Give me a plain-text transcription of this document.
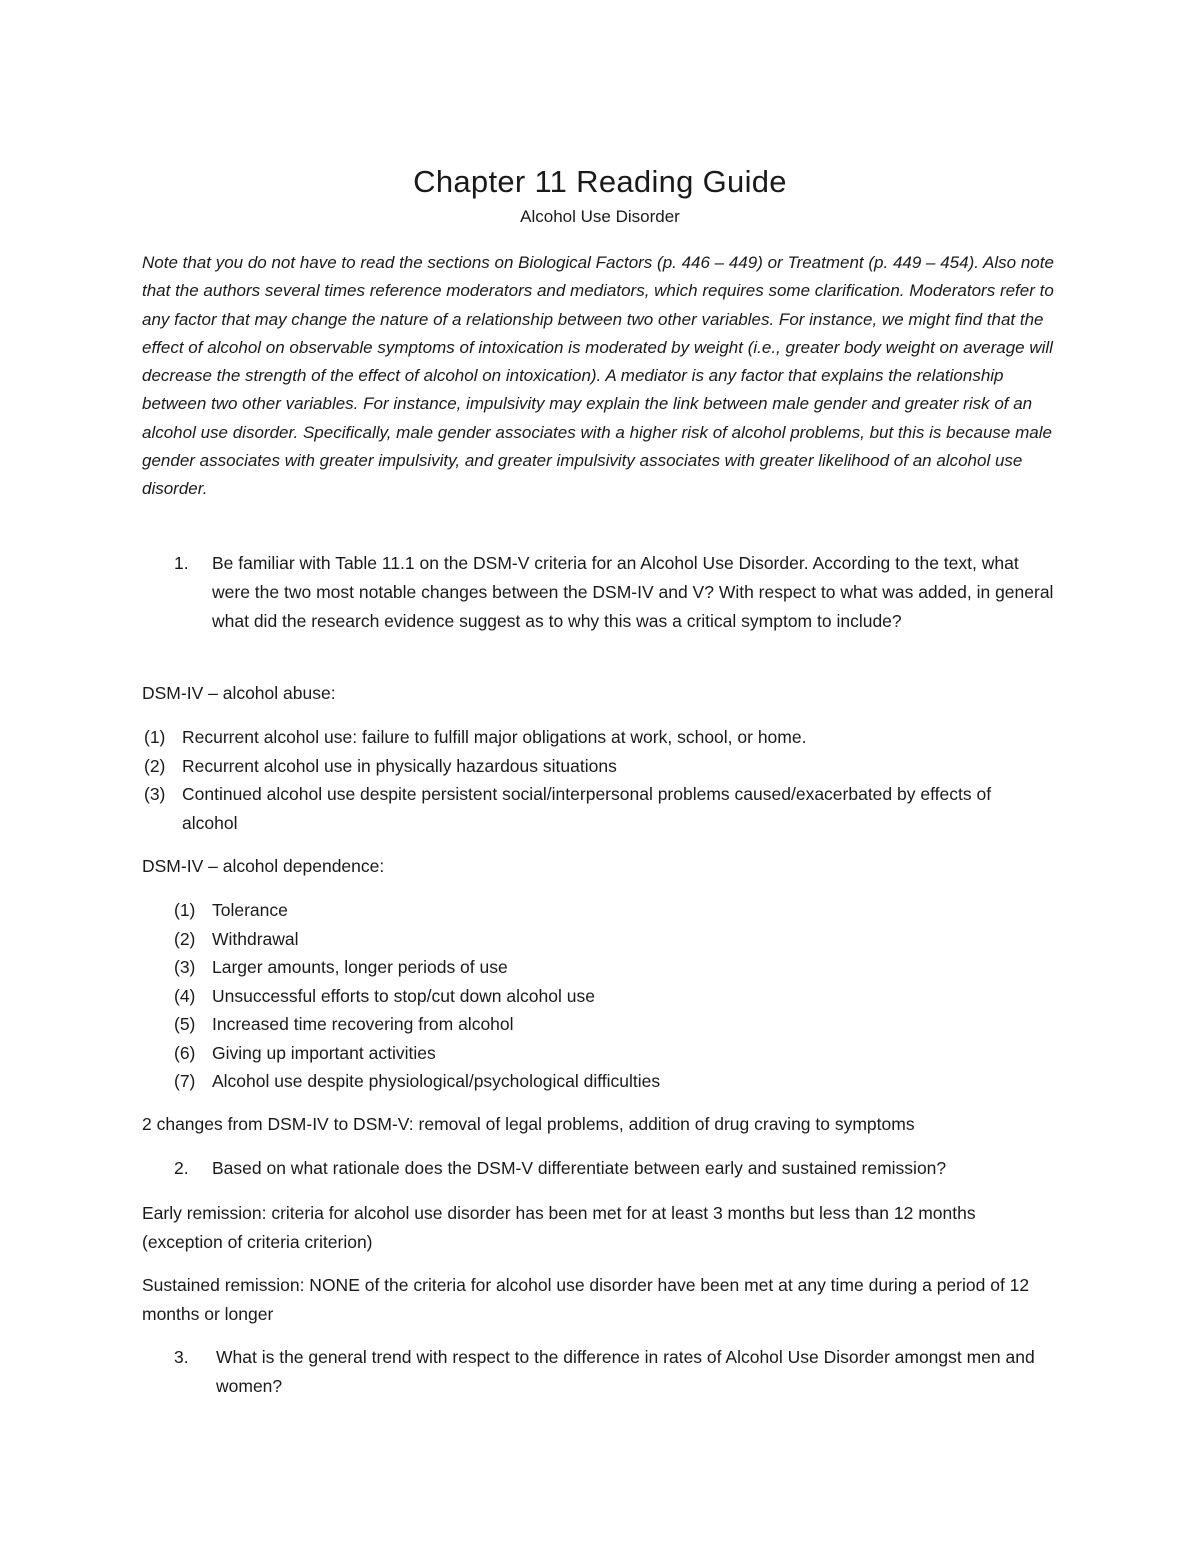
Chapter 11 Reading Guide
Alcohol Use Disorder
Note that you do not have to read the sections on Biological Factors (p. 446 – 449) or Treatment (p. 449 – 454). Also note that the authors several times reference moderators and mediators, which requires some clarification. Moderators refer to any factor that may change the nature of a relationship between two other variables. For instance, we might find that the effect of alcohol on observable symptoms of intoxication is moderated by weight (i.e., greater body weight on average will decrease the strength of the effect of alcohol on intoxication). A mediator is any factor that explains the relationship between two other variables. For instance, impulsivity may explain the link between male gender and greater risk of an alcohol use disorder. Specifically, male gender associates with a higher risk of alcohol problems, but this is because male gender associates with greater impulsivity, and greater impulsivity associates with greater likelihood of an alcohol use disorder.
1. Be familiar with Table 11.1 on the DSM-V criteria for an Alcohol Use Disorder. According to the text, what were the two most notable changes between the DSM-IV and V? With respect to what was added, in general what did the research evidence suggest as to why this was a critical symptom to include?
DSM-IV – alcohol abuse:
(1) Recurrent alcohol use: failure to fulfill major obligations at work, school, or home.
(2) Recurrent alcohol use in physically hazardous situations
(3) Continued alcohol use despite persistent social/interpersonal problems caused/exacerbated by effects of alcohol
DSM-IV – alcohol dependence:
(1) Tolerance
(2) Withdrawal
(3) Larger amounts, longer periods of use
(4) Unsuccessful efforts to stop/cut down alcohol use
(5) Increased time recovering from alcohol
(6) Giving up important activities
(7) Alcohol use despite physiological/psychological difficulties
2 changes from DSM-IV to DSM-V: removal of legal problems, addition of drug craving to symptoms
2. Based on what rationale does the DSM-V differentiate between early and sustained remission?
Early remission: criteria for alcohol use disorder has been met for at least 3 months but less than 12 months (exception of criteria criterion)
Sustained remission: NONE of the criteria for alcohol use disorder have been met at any time during a period of 12 months or longer
3. What is the general trend with respect to the difference in rates of Alcohol Use Disorder amongst men and women?
